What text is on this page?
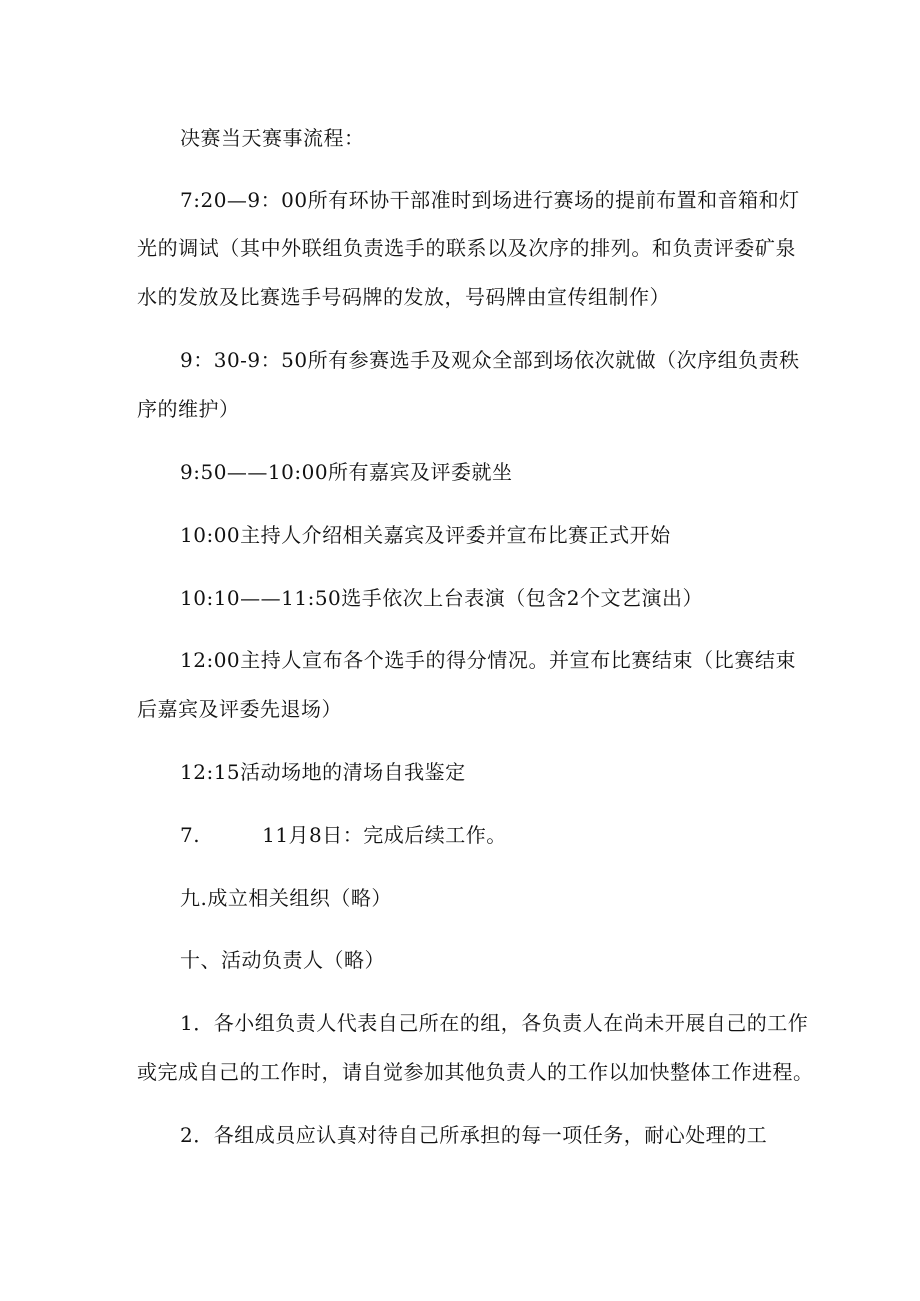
决赛当天赛事流程：
7:20—9：00所有环协干部准时到场进行赛场的提前布置和音箱和灯
光的调试（其中外联组负责选手的联系以及次序的排列。和负责评委矿泉
水的发放及比赛选手号码牌的发放，号码牌由宣传组制作）
9：30-9：50所有参赛选手及观众全部到场依次就做（次序组负责秩
序的维护）
9:50——10:00所有嘉宾及评委就坐
10:00主持人介绍相关嘉宾及评委并宣布比赛正式开始
10:10——11:50选手依次上台表演（包含2个文艺演出）
12:00主持人宣布各个选手的得分情况。并宣布比赛结束（比赛结束
后嘉宾及评委先退场）
12:15活动场地的清场自我鉴定
7.	11月8日：完成后续工作。
九.成立相关组织（略）
十、活动负责人（略）
1．各小组负责人代表自己所在的组，各负责人在尚未开展自己的工作
或完成自己的工作时，请自觉参加其他负责人的工作以加快整体工作进程。
2．各组成员应认真对待自己所承担的每一项任务，耐心处理的工
